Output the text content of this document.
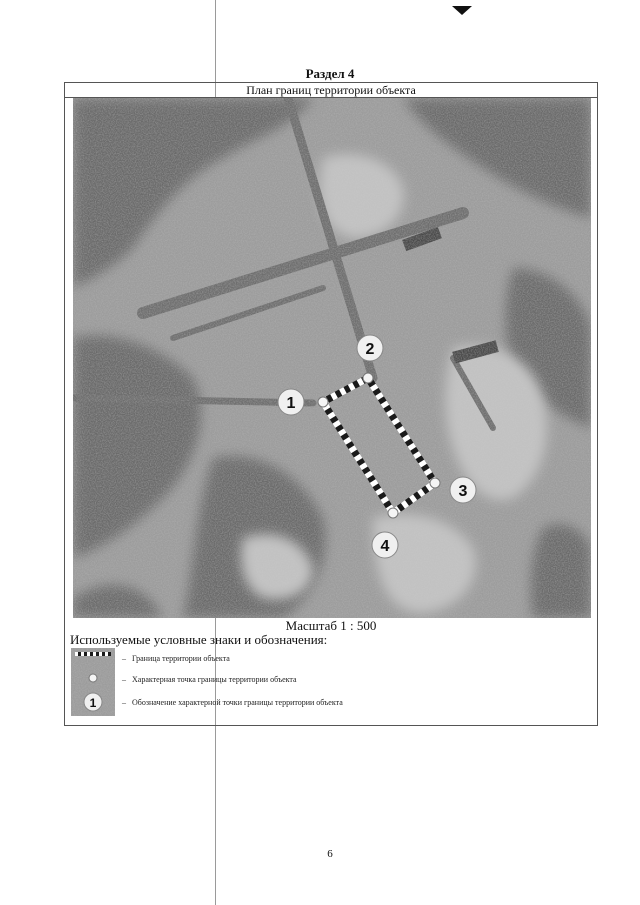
Раздел 4
План границ территории объекта
1
2
3
4
Масштаб 1 : 500
Используемые условные знаки и обозначения:
1
– Граница территории объекта
– Характерная точка границы территории объекта
– Обозначение характерной точки границы территории объекта
6
